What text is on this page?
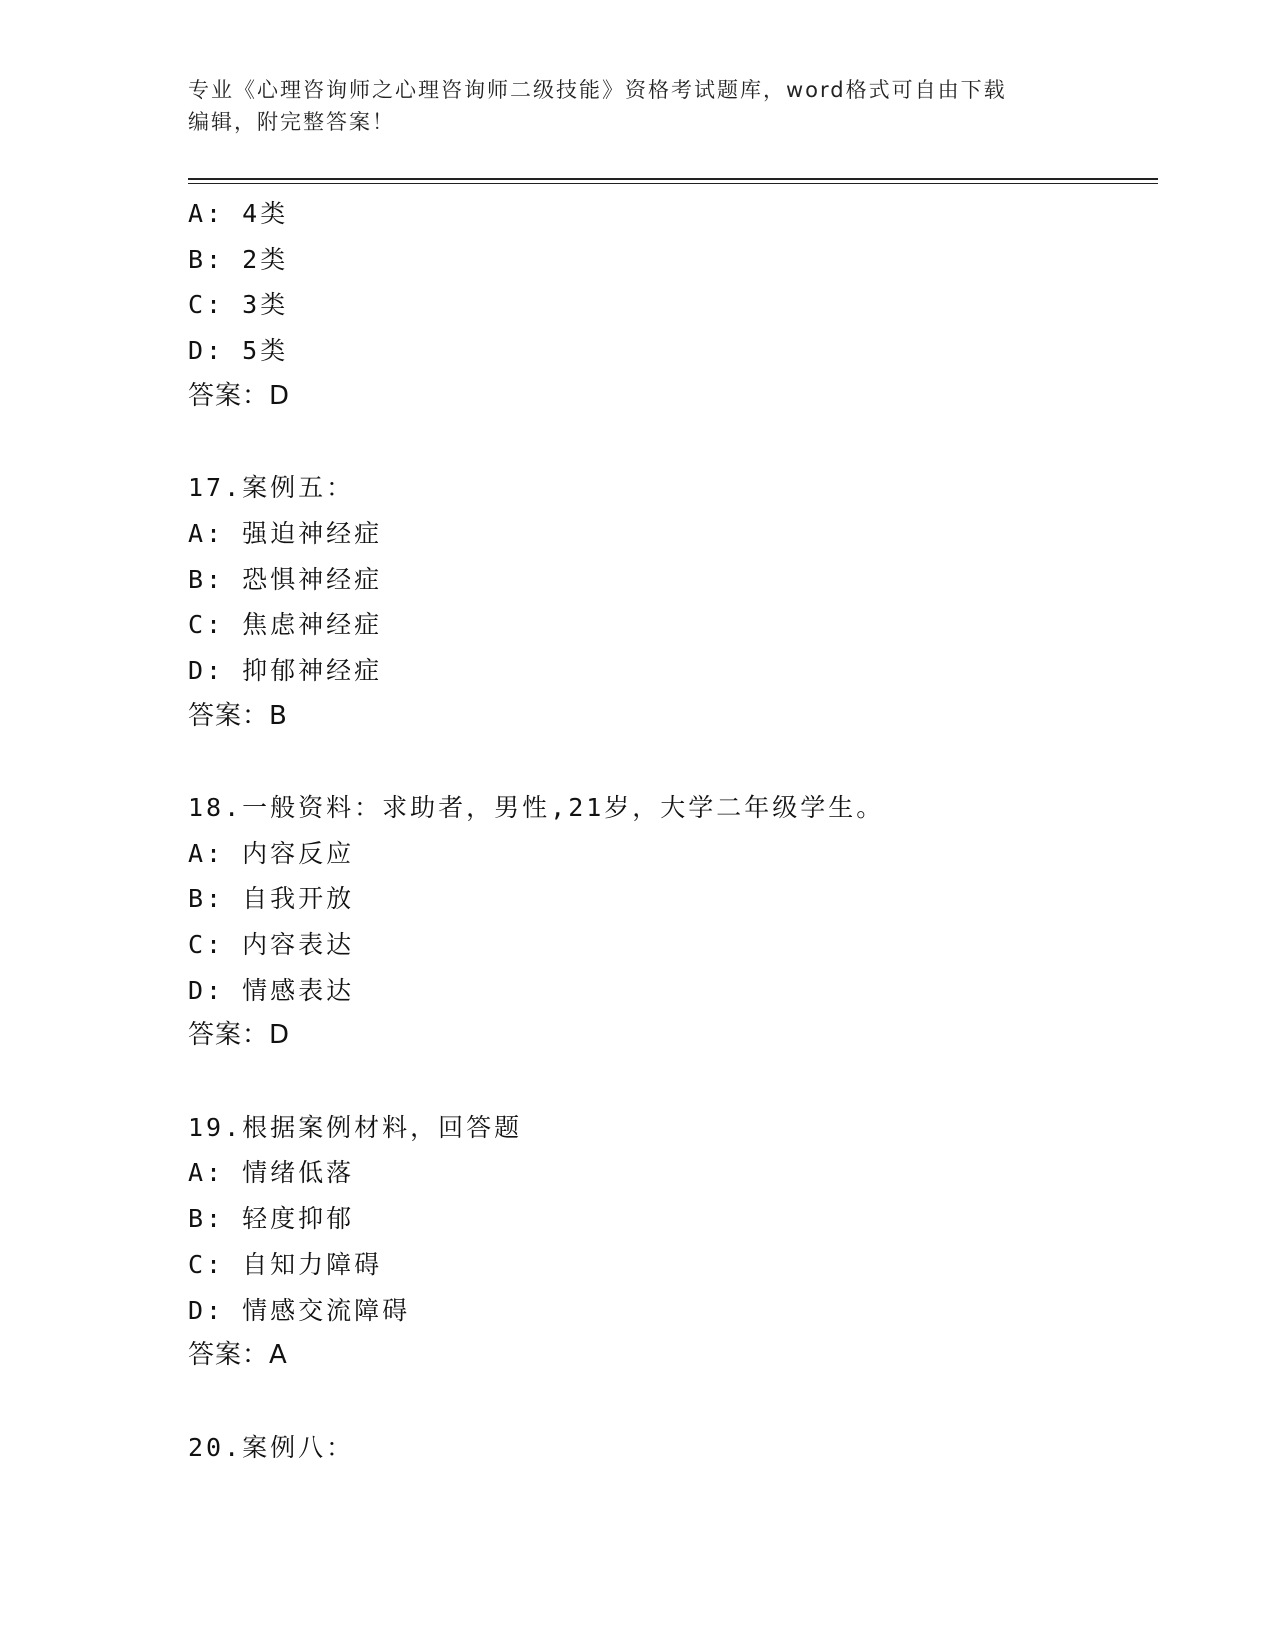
专业《心理咨询师之心理咨询师二级技能》资格考试题库，word格式可自由下载
编辑，附完整答案！
A: 4类
B: 2类
C: 3类
D: 5类
答案：D
17.案例五：
A: 强迫神经症
B: 恐惧神经症
C: 焦虑神经症
D: 抑郁神经症
答案：B
18.一般资料：求助者，男性,21岁，大学二年级学生。
A: 内容反应
B: 自我开放
C: 内容表达
D: 情感表达
答案：D
19.根据案例材料，回答题
A: 情绪低落
B: 轻度抑郁
C: 自知力障碍
D: 情感交流障碍
答案：A
20.案例八：
